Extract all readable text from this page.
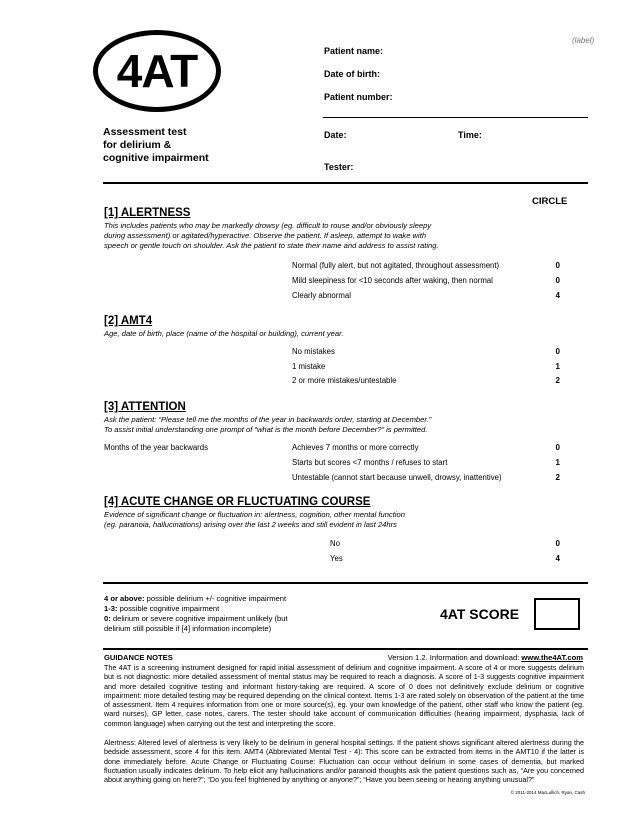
(label)
4AT
Assessment test
for delirium &
cognitive impairment
Patient name:
Date of birth:
Patient number:
Date:	Time:
Tester:
CIRCLE
[1] ALERTNESS
This includes patients who may be markedly drowsy (eg. difficult to rouse and/or obviously sleepy
during assessment) or agitated/hyperactive. Observe the patient. If asleep, attempt to wake with
speech or gentle touch on shoulder. Ask the patient to state their name and address to assist rating.
Normal (fully alert, but not agitated, throughout assessment)	0
Mild sleepiness for <10 seconds after waking, then normal	0
Clearly abnormal	4
[2] AMT4
Age, date of birth, place (name of the hospital or building), current year.
No mistakes	0
1 mistake	1
2 or more mistakes/untestable	2
[3] ATTENTION
Ask the patient: “Please tell me the months of the year in backwards order, starting at December.”
To assist initial understanding one prompt of “what is the month before December?” is permitted.
Months of the year backwards	Achieves 7 months or more correctly	0
Starts but scores <7 months / refuses to start	1
Untestable (cannot start because unwell, drowsy, inattentive)	2
[4] ACUTE CHANGE OR FLUCTUATING COURSE
Evidence of significant change or fluctuation in: alertness, cognition, other mental function
(eg. paranoia, hallucinations) arising over the last 2 weeks and still evident in last 24hrs
No	0
Yes	4
4 or above: possible delirium +/- cognitive impairment
1-3: possible cognitive impairment
0: delirium or severe cognitive impairment unlikely (but
delirium still possible if [4] information incomplete)
4AT SCORE
GUIDANCE NOTES	Version 1.2. Information and download: www.the4AT.com
The 4AT is a screening instrument designed for rapid initial assessment of delirium and cognitive impairment. A score of 4 or more suggests delirium but is not diagnostic: more detailed assessment of mental status may be required to reach a diagnosis. A score of 1-3 suggests cognitive impairment and more detailed cognitive testing and informant history-taking are required. A score of 0 does not definitively exclude delirium or cognitive impairment: more detailed testing may be required depending on the clinical context. Items 1-3 are rated solely on observation of the patient at the time of assessment. Item 4 requires information from one or more source(s), eg. your own knowledge of the patient, other staff who know the patient (eg. ward nurses), GP letter, case notes, carers. The tester should take account of communication difficulties (hearing impairment, dysphasia, lack of common language) when carrying out the test and interpreting the score.
Alertness: Altered level of alertness is very likely to be delirium in general hospital settings. If the patient shows significant altered alertness during the bedside assessment, score 4 for this item. AMT4 (Abbreviated Mental Test - 4): This score can be extracted from items in the AMT10 if the latter is done immediately before. Acute Change or Fluctuating Course: Fluctuation can occur without delirium in some cases of dementia, but marked fluctuation usually indicates delirium. To help elicit any hallucinations and/or paranoid thoughts ask the patient questions such as, “Are you concerned about anything going on here?”; “Do you feel frightened by anything or anyone?”; “Have you been seeing or hearing anything unusual?”
© 2011-2014 MacLullich, Ryan, Cash
